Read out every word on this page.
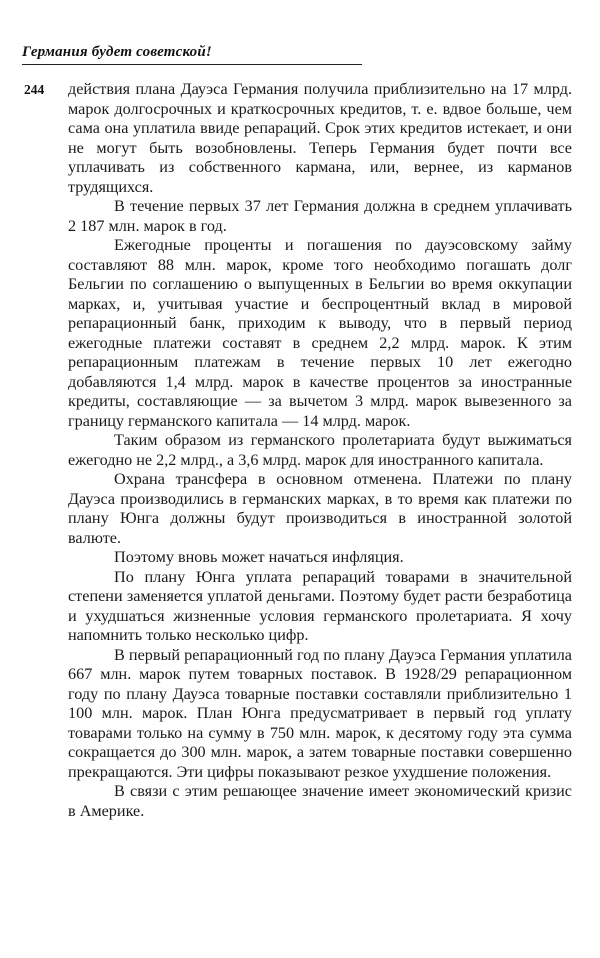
Германия будет советской!
244 действия плана Дауэса Германия получила приблизительно на 17 млрд. марок долгосрочных и краткосрочных кредитов, т. е. вдвое больше, чем сама она уплатила ввиде репараций. Срок этих кредитов истекает, и они не могут быть возобновлены. Теперь Германия будет почти все уплачивать из собственного кармана, или, вернее, из карманов трудящихся.

В течение первых 37 лет Германия должна в среднем уплачивать 2 187 млн. марок в год.

Ежегодные проценты и погашения по дауэсовскому займу составляют 88 млн. марок, кроме того необходимо погашать долг Бельгии по соглашению о выпущенных в Бельгии во время оккупации марках, и, учитывая участие и беспроцентный вклад в мировой репарационный банк, приходим к выводу, что в первый период ежегодные платежи составят в среднем 2,2 млрд. марок. К этим репарационным платежам в течение первых 10 лет ежегодно добавляются 1,4 млрд. марок в качестве процентов за иностранные кредиты, составляющие — за вычетом 3 млрд. марок вывезенного за границу германского капитала — 14 млрд. марок.

Таким образом из германского пролетариата будут выжиматься ежегодно не 2,2 млрд., а 3,6 млрд. марок для иностранного капитала.

Охрана трансфера в основном отменена. Платежи по плану Дауэса производились в германских марках, в то время как платежи по плану Юнга должны будут производиться в иностранной золотой валюте.

Поэтому вновь может начаться инфляция.

По плану Юнга уплата репараций товарами в значительной степени заменяется уплатой деньгами. Поэтому будет расти безработица и ухудшаться жизненные условия германского пролетариата. Я хочу напомнить только несколько цифр.

В первый репарационный год по плану Дауэса Германия уплатила 667 млн. марок путем товарных поставок. В 1928/29 репарационном году по плану Дауэса товарные поставки составляли приблизительно 1 100 млн. марок. План Юнга предусматривает в первый год уплату товарами только на сумму в 750 млн. марок, к десятому году эта сумма сокращается до 300 млн. марок, а затем товарные поставки совершенно прекращаются. Эти цифры показывают резкое ухудшение положения.

В связи с этим решающее значение имеет экономический кризис в Америке.
